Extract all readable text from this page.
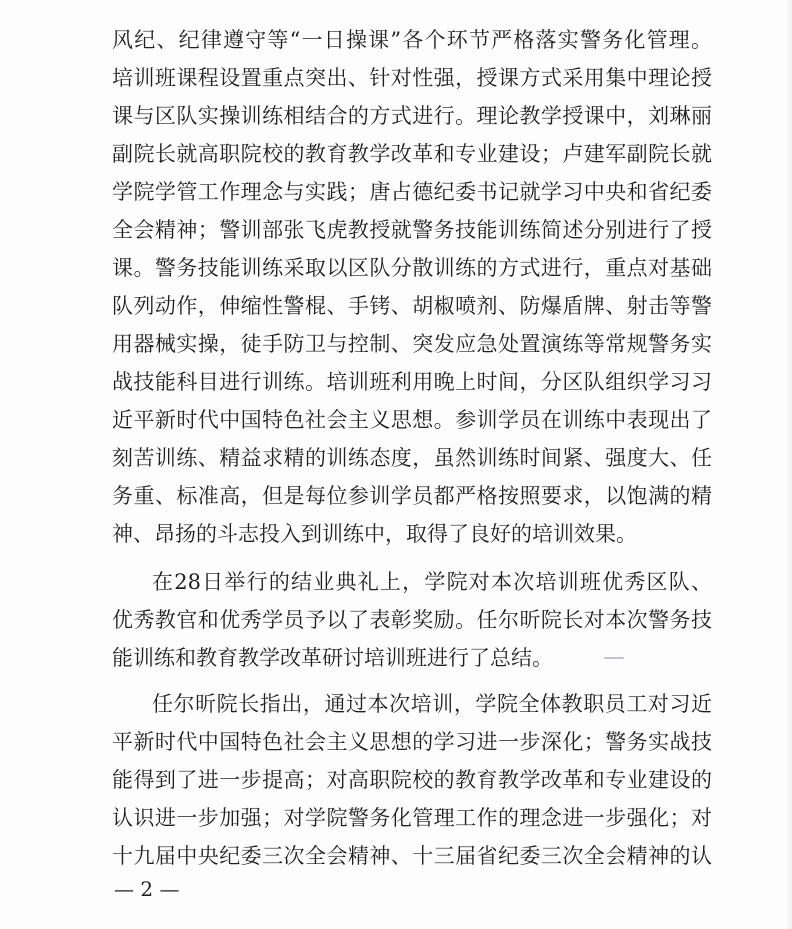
风纪、纪律遵守等“一日操课”各个环节严格落实警务化管理。
培训班课程设置重点突出、针对性强，授课方式采用集中理论授
课与区队实操训练相结合的方式进行。理论教学授课中，刘琳丽
副院长就高职院校的教育教学改革和专业建设；卢建军副院长就
学院学管工作理念与实践；唐占德纪委书记就学习中央和省纪委
全会精神；警训部张飞虎教授就警务技能训练简述分别进行了授
课。警务技能训练采取以区队分散训练的方式进行，重点对基础
队列动作，伸缩性警棍、手铐、胡椒喷剂、防爆盾牌、射击等警
用器械实操，徒手防卫与控制、突发应急处置演练等常规警务实
战技能科目进行训练。培训班利用晚上时间，分区队组织学习习
近平新时代中国特色社会主义思想。参训学员在训练中表现出了
刻苦训练、精益求精的训练态度，虽然训练时间紧、强度大、任
务重、标准高，但是每位参训学员都严格按照要求，以饱满的精
神、昂扬的斗志投入到训练中，取得了良好的培训效果。
在28日举行的结业典礼上，学院对本次培训班优秀区队、
优秀教官和优秀学员予以了表彰奖励。任尔昕院长对本次警务技
能训练和教育教学改革研讨培训班进行了总结。
任尔昕院长指出，通过本次培训，学院全体教职员工对习近
平新时代中国特色社会主义思想的学习进一步深化；警务实战技
能得到了进一步提高；对高职院校的教育教学改革和专业建设的
认识进一步加强；对学院警务化管理工作的理念进一步强化；对
十九届中央纪委三次全会精神、十三届省纪委三次全会精神的认
— 2 —
